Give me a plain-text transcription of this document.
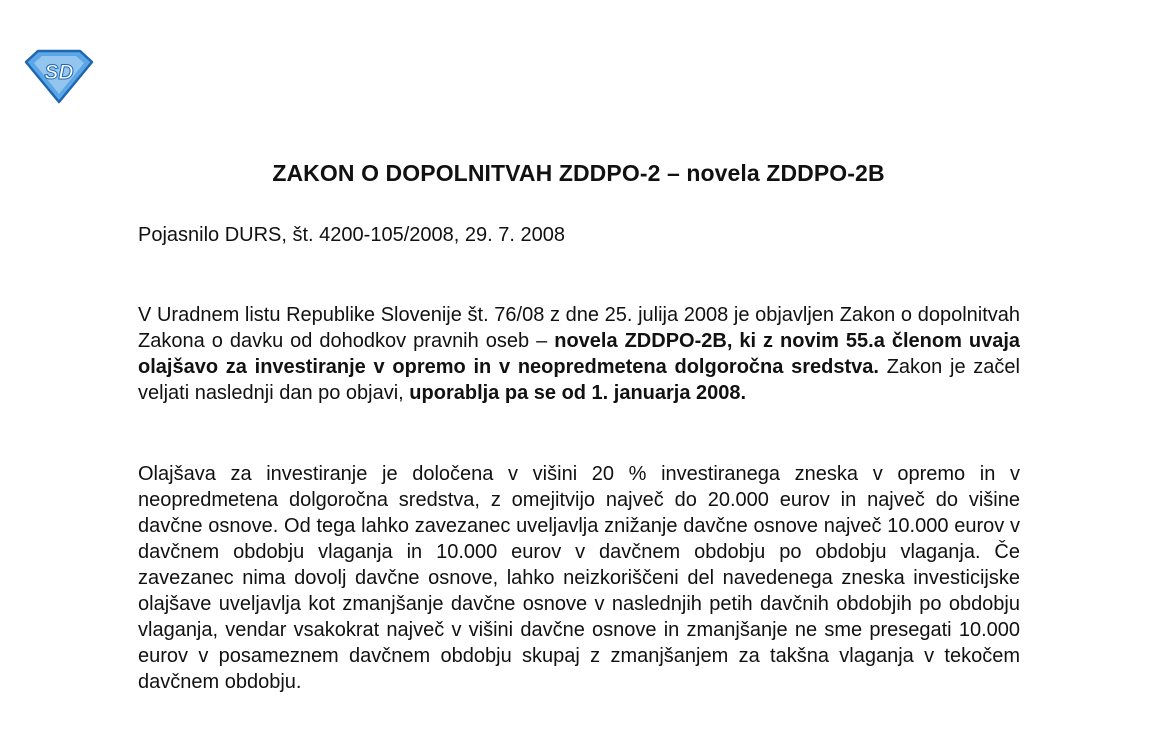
SD
ZAKON O DOPOLNITVAH ZDDPO-2 – novela ZDDPO-2B
Pojasnilo DURS, št. 4200-105/2008, 29. 7. 2008

V Uradnem listu Republike Slovenije št. 76/08 z dne 25. julija 2008 je objavljen Zakon o dopolnitvah Zakona o davku od dohodkov pravnih oseb – novela ZDDPO-2B, ki z novim 55.a členom uvaja olajšavo za investiranje v opremo in v neopredmetena dolgoročna sredstva. Zakon je začel veljati naslednji dan po objavi, uporablja pa se od 1. januarja 2008.

Olajšava za investiranje je določena v višini 20 % investiranega zneska v opremo in v neopredmetena dolgoročna sredstva, z omejitvijo največ do 20.000 eurov in največ do višine davčne osnove. Od tega lahko zavezanec uveljavlja znižanje davčne osnove največ 10.000 eurov v davčnem obdobju vlaganja in 10.000 eurov v davčnem obdobju po obdobju vlaganja. Če zavezanec nima dovolj davčne osnove, lahko neizkoriščeni del navedenega zneska investicijske olajšave uveljavlja kot zmanjšanje davčne osnove v naslednjih petih davčnih obdobjih po obdobju vlaganja, vendar vsakokrat največ v višini davčne osnove in zmanjšanje ne sme presegati 10.000 eurov v posameznem davčnem obdobju skupaj z zmanjšanjem za takšna vlaganja v tekočem davčnem obdobju.
